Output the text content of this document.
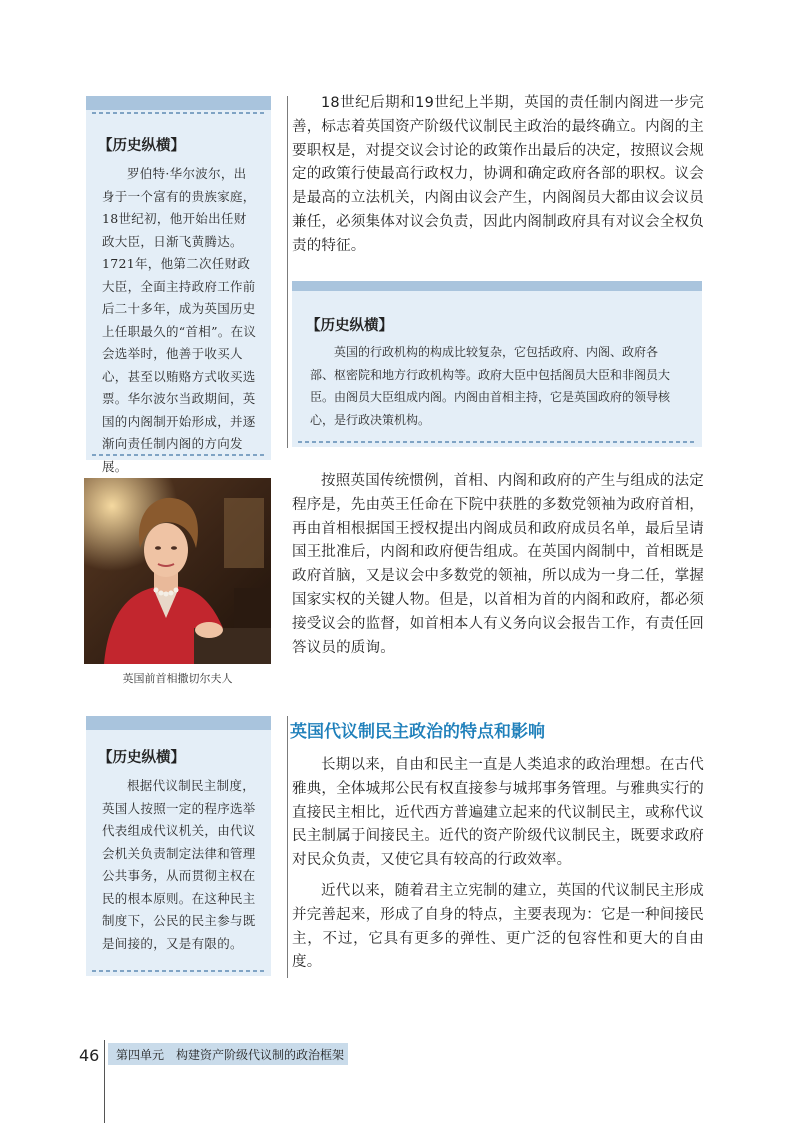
【历史纵横】
罗伯特·华尔波尔，出身于一个富有的贵族家庭，18世纪初，他开始出任财政大臣，日渐飞黄腾达。1721年，他第二次任财政大臣，全面主持政府工作前后二十多年，成为英国历史上任职最久的“首相”。在议会选举时，他善于收买人心，甚至以贿赂方式收买选票。华尔波尔当政期间，英国的内阁制开始形成，并逐渐向责任制内阁的方向发展。

18世纪后期和19世纪上半期，英国的责任制内阁进一步完善，标志着英国资产阶级代议制民主政治的最终确立。内阁的主要职权是，对提交议会讨论的政策作出最后的决定，按照议会规定的政策行使最高行政权力，协调和确定政府各部的职权。议会是最高的立法机关，内阁由议会产生，内阁阁员大都由议会议员兼任，必须集体对议会负责，因此内阁制政府具有对议会全权负责的特征。

【历史纵横】
英国的行政机构的构成比较复杂，它包括政府、内阁、政府各部、枢密院和地方行政机构等。政府大臣中包括阁员大臣和非阁员大臣。由阁员大臣组成内阁。内阁由首相主持，它是英国政府的领导核心，是行政决策机构。

按照英国传统惯例，首相、内阁和政府的产生与组成的法定程序是，先由英王任命在下院中获胜的多数党领袖为政府首相，再由首相根据国王授权提出内阁成员和政府成员名单，最后呈请国王批准后，内阁和政府便告组成。在英国内阁制中，首相既是政府首脑，又是议会中多数党的领袖，所以成为一身二任，掌握国家实权的关键人物。但是，以首相为首的内阁和政府，都必须接受议会的监督，如首相本人有义务向议会报告工作，有责任回答议员的质询。

英国代议制民主政治的特点和影响

长期以来，自由和民主一直是人类追求的政治理想。在古代雅典，全体城邦公民有权直接参与城邦事务管理。与雅典实行的直接民主相比，近代西方普遍建立起来的代议制民主，或称代议民主制属于间接民主。近代的资产阶级代议制民主，既要求政府对民众负责，又使它具有较高的行政效率。

近代以来，随着君主立宪制的建立，英国的代议制民主形成并完善起来，形成了自身的特点，主要表现为：它是一种间接民主，不过，它具有更多的弹性、更广泛的包容性和更大的自由度。

英国前首相撒切尔夫人
【历史纵横】
根据代议制民主制度，英国人按照一定的程序选举代表组成代议机关，由代议会机关负责制定法律和管理公共事务，从而贯彻主权在民的根本原则。在这种民主制度下，公民的民主参与既是间接的，又是有限的。
46 第四单元　构建资产阶级代议制的政治框架
